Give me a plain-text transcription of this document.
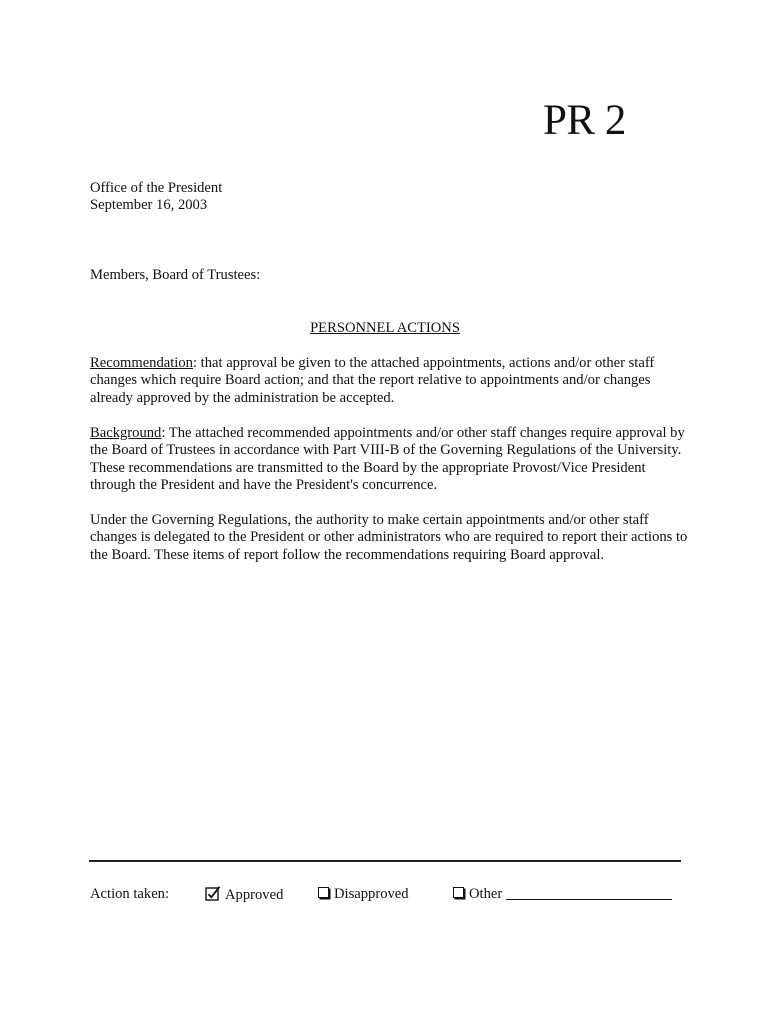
PR 2
Office of the President
September 16, 2003
Members, Board of Trustees:
PERSONNEL ACTIONS

Recommendation: that approval be given to the attached appointments, actions and/or other staff changes which require Board action; and that the report relative to appointments and/or changes already approved by the administration be accepted.

Background: The attached recommended appointments and/or other staff changes require approval by the Board of Trustees in accordance with Part VIII-B of the Governing Regulations of the University. These recommendations are transmitted to the Board by the appropriate Provost/Vice President through the President and have the President's concurrence.

Under the Governing Regulations, the authority to make certain appointments and/or other staff changes is delegated to the President or other administrators who are required to report their actions to the Board. These items of report follow the recommendations requiring Board approval.

Action taken:	Approved	Disapproved	Other
